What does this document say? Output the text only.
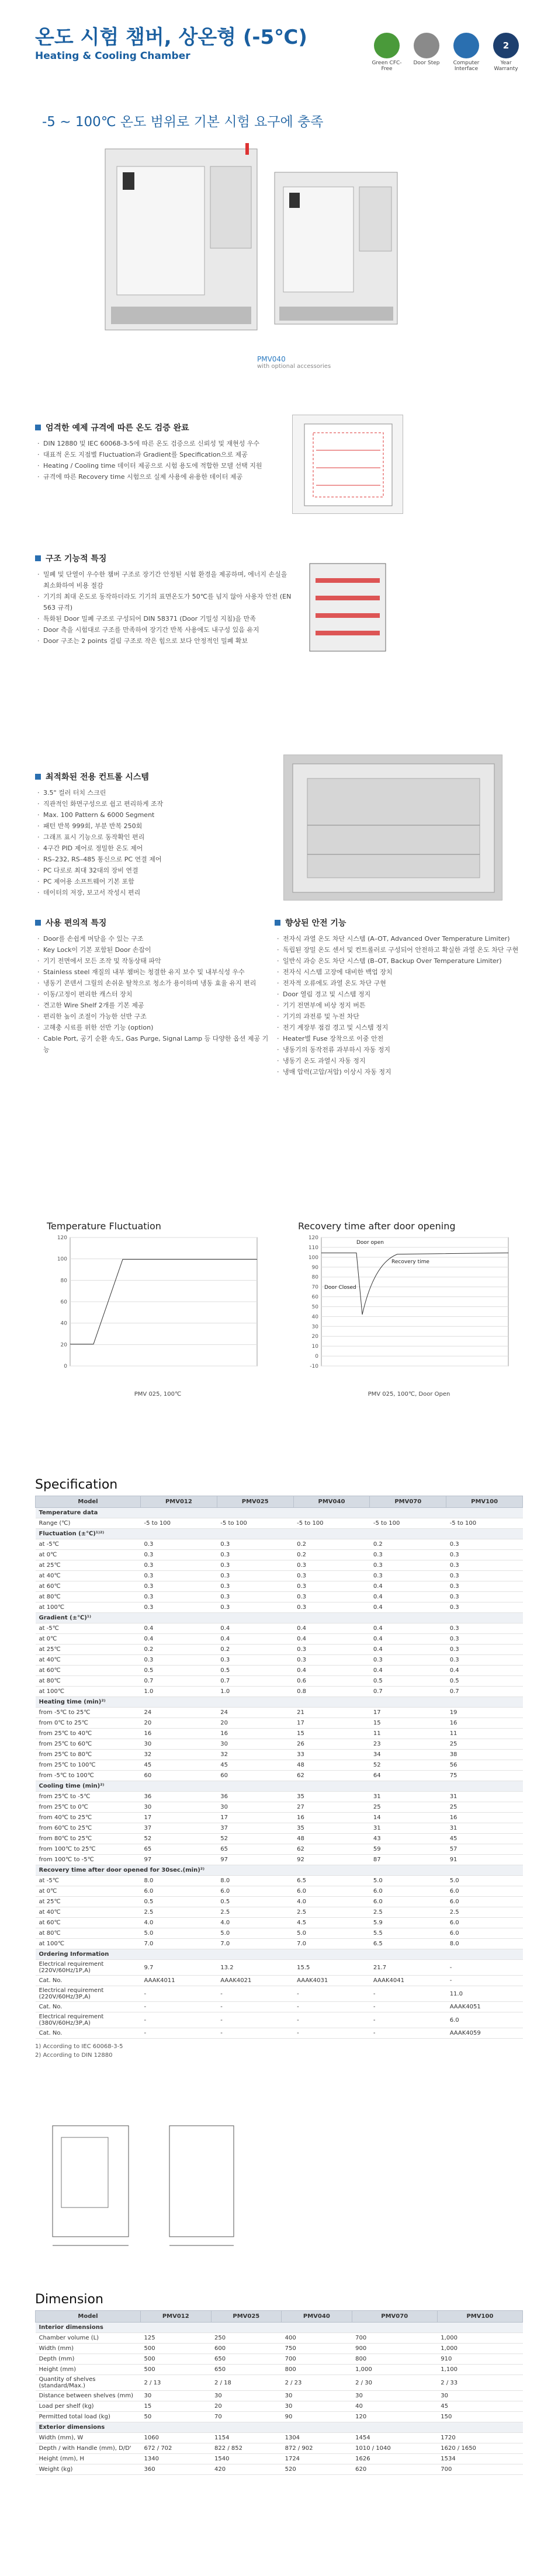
온도 시험 챔버, 상온형 (-5℃)
Heating & Cooling Chamber
Green CFC-Free
Door Step	Computer Interface
2
Year Warranty
-5 ~ 100℃ 온도 범위로 기본 시험 요구에 충족
PMV040
with optional accessories
엄격한 예제 규격에 따른 온도 검증 완료
· DIN 12880 및 IEC 60068-3-5에 따른 온도 검증으로 신뢰성 및 재현성 우수
· 대표적 온도 지점별 Fluctuation과 Gradient를 Specification으로 제공
· Heating / Cooling time 데이터 제공으로 시험 용도에 적합한 모델 선택 지원
· 규격에 따른 Recovery time 시험으로 실제 사용에 유용한 데이터 제공
구조 기능적 특징
· 밀폐 및 단열이 우수한 챔버 구조로 장기간 안정된 시험 환경을 제공하며, 에너지 손실을 최소화하여 비용 절감
· 기기의 최대 온도로 동작하더라도 기기의 표면온도가 50℃를 넘지 않아 사용자 안전 (EN 563 규격)
· 특화된 Door 밀폐 구조로 구성되어 DIN 58371 (Door 기밀성 지침)을 만족
· Door 측을 시험대로 구조를 만족하여 장기간 반복 사용에도 내구성 있음 유지
· Door 구조는 2 points 걸림 구조로 작은 힘으로 보다 안정적인 밀폐 확보
최적화된 전용 컨트롤 시스템
· 3.5" 컬러 터치 스크린
· 직관적인 화면구성으로 쉽고 편리하게 조작
· Max. 100 Pattern & 6000 Segment
· 패턴 반복 999회, 부분 반복 250회
· 그래프 표시 기능으로 동작확인 편리
· 4구간 PID 제어로 정밀한 온도 제어
· RS–232, RS–485 통신으로 PC 연결 제어
· PC 다로로 최대 32대의 장비 연결
· PC 제어용 소프트웨어 기본 포함
· 데이터의 저장, 보고서 작성시 편리
사용 편의적 특징
· Door를 손쉽게 머닫을 수 있는 구조
· Key Lock이 기본 포함된 Door 손잡이
· 기기 전면에서 모든 조작 및 작동상태 파악
· Stainless steel 재질의 내부 챔버는 청결한 유지 보수 및 내부식성 우수
· 냉동기 콘덴서 그릴의 손쉬운 탈착으로 청소가 용이하며 냉동 효율 유지 편리
· 이동/고정이 편리한 캐스터 장치
· 견고한 Wire Shelf 2개를 기본 제공
· 편리한 높이 조절이 가능한 선반 구조
· 고해충 시료를 위한 선반 기능 (option)
· Cable Port, 공기 순환 속도, Gas Purge, Signal Lamp 등 다양한 옵션 제공 기능
향상된 안전 기능
· 전자식 과열 온도 차단 시스템 (A–OT, Advanced Over Temperature Limiter)
· 독립된 장밀 온도 센서 및 컨트롤러로 구성되어 안전하고 확실한 과열 온도 차단 구현
· 일반식 과승 온도 차단 시스템 (B–OT, Backup Over Temperature Limiter)
· 전자식 시스템 고장에 대비한 백업 장치
· 전자적 오류에도 과열 온도 차단 구현
· Door 열림 경고 및 시스템 정지
· 기기 전면부에 비상 정지 버튼
· 기기의 과전류 및 누전 차단
· 전기 계장부 점검 경고 및 시스템 정지
· Heater별 Fuse 장착으로 이중 안전
· 냉동기의 동작전류 과부하시 자동 정지
· 냉동기 온도 과열시 자동 정지
· 냉매 압력(고압/저압) 이상시 자동 정지
Temperature Fluctuation
120
100
80
60
40
20
0
PMV 025, 100℃
Recovery time after door opening
120
110
100
90
80
70
60
50
40
30
20
10
0
-10
Door open
Recovery time
Door Closed
PMV 025, 100℃, Door Open
Specification
Model	PMV012	PMV025	PMV040	PMV070	PMV100
Temperature data					
Range (℃)	-5 to 100	-5 to 100	-5 to 100	-5 to 100	-5 to 100
Fluctuation (±℃)¹⁾²⁾					
at -5℃	0.3	0.3	0.2	0.2	0.3
at 0℃	0.3	0.3	0.2	0.3	0.3
at 25℃	0.3	0.3	0.3	0.3	0.3
at 40℃	0.3	0.3	0.3	0.3	0.3
at 60℃	0.3	0.3	0.3	0.4	0.3
at 80℃	0.3	0.3	0.3	0.4	0.3
at 100℃	0.3	0.3	0.3	0.4	0.3
Gradient (±℃)¹⁾					
at -5℃	0.4	0.4	0.4	0.4	0.3
at 0℃	0.4	0.4	0.4	0.4	0.3
at 25℃	0.2	0.2	0.3	0.4	0.3
at 40℃	0.3	0.3	0.3	0.3	0.3
at 60℃	0.5	0.5	0.4	0.4	0.4
at 80℃	0.7	0.7	0.6	0.5	0.5
at 100℃	1.0	1.0	0.8	0.7	0.7
Heating time (min)²⁾					
from -5℃ to 25℃	24	24	21	17	19
from 0℃ to 25℃	20	20	17	15	16
from 25℃ to 40℃	16	16	15	11	11
from 25℃ to 60℃	30	30	26	23	25
from 25℃ to 80℃	32	32	33	34	38
from 25℃ to 100℃	45	45	48	52	56
from -5℃ to 100℃	60	60	62	64	75
Cooling time (min)²⁾					
from 25℃ to -5℃	36	36	35	31	31
from 25℃ to 0℃	30	30	27	25	25
from 40℃ to 25℃	17	17	16	14	16
from 60℃ to 25℃	37	37	35	31	31
from 80℃ to 25℃	52	52	48	43	45
from 100℃ to 25℃	65	65	62	59	57
from 100℃ to -5℃	97	97	92	87	91
Recovery time after door opened for 30sec.(min)²⁾					
at -5℃	8.0	8.0	6.5	5.0	5.0
at 0℃	6.0	6.0	6.0	6.0	6.0
at 25℃	0.5	0.5	4.0	6.0	6.0
at 40℃	2.5	2.5	2.5	2.5	2.5
at 60℃	4.0	4.0	4.5	5.9	6.0
at 80℃	5.0	5.0	5.0	5.5	6.0
at 100℃	7.0	7.0	7.0	6.5	8.0
Ordering Information					
Electrical requirement (220V/60Hz/1P,A)	9.7	13.2	15.5	21.7	-
Cat. No.	AAAK4011	AAAK4021	AAAK4031	AAAK4041	-
Electrical requirement (220V/60Hz/3P,A)	-	-	-	-	11.0
Cat. No.	-	-	-	-	AAAK4051
Electrical requirement (380V/60Hz/3P,A)	-	-	-	-	6.0
Cat. No.	-	-	-	-	AAAK4059
1) According to IEC 60068-3-5
2) According to DIN 12880
Dimension
Model	PMV012	PMV025	PMV040	PMV070	PMV100
Interior dimensions					
Chamber volume (L)	125	250	400	700	1,000
Width (mm)	500	600	750	900	1,000
Depth (mm)	500	650	700	800	910
Height (mm)	500	650	800	1,000	1,100
Quantity of shelves (standard/Max.)	2 / 13	2 / 18	2 / 23	2 / 30	2 / 33
Distance between shelves (mm)	30	30	30	30	30
Load per shelf (kg)	15	20	30	40	45
Permitted total load (kg)	50	70	90	120	150
Exterior dimensions					
Width (mm), W	1060	1154	1304	1454	1720
Depth / with Handle (mm), D/D'	672 / 702	822 / 852	872 / 902	1010 / 1040	1620 / 1650
Height (mm), H	1340	1540	1724	1626	1534
Weight (kg)	360	420	520	620	700
